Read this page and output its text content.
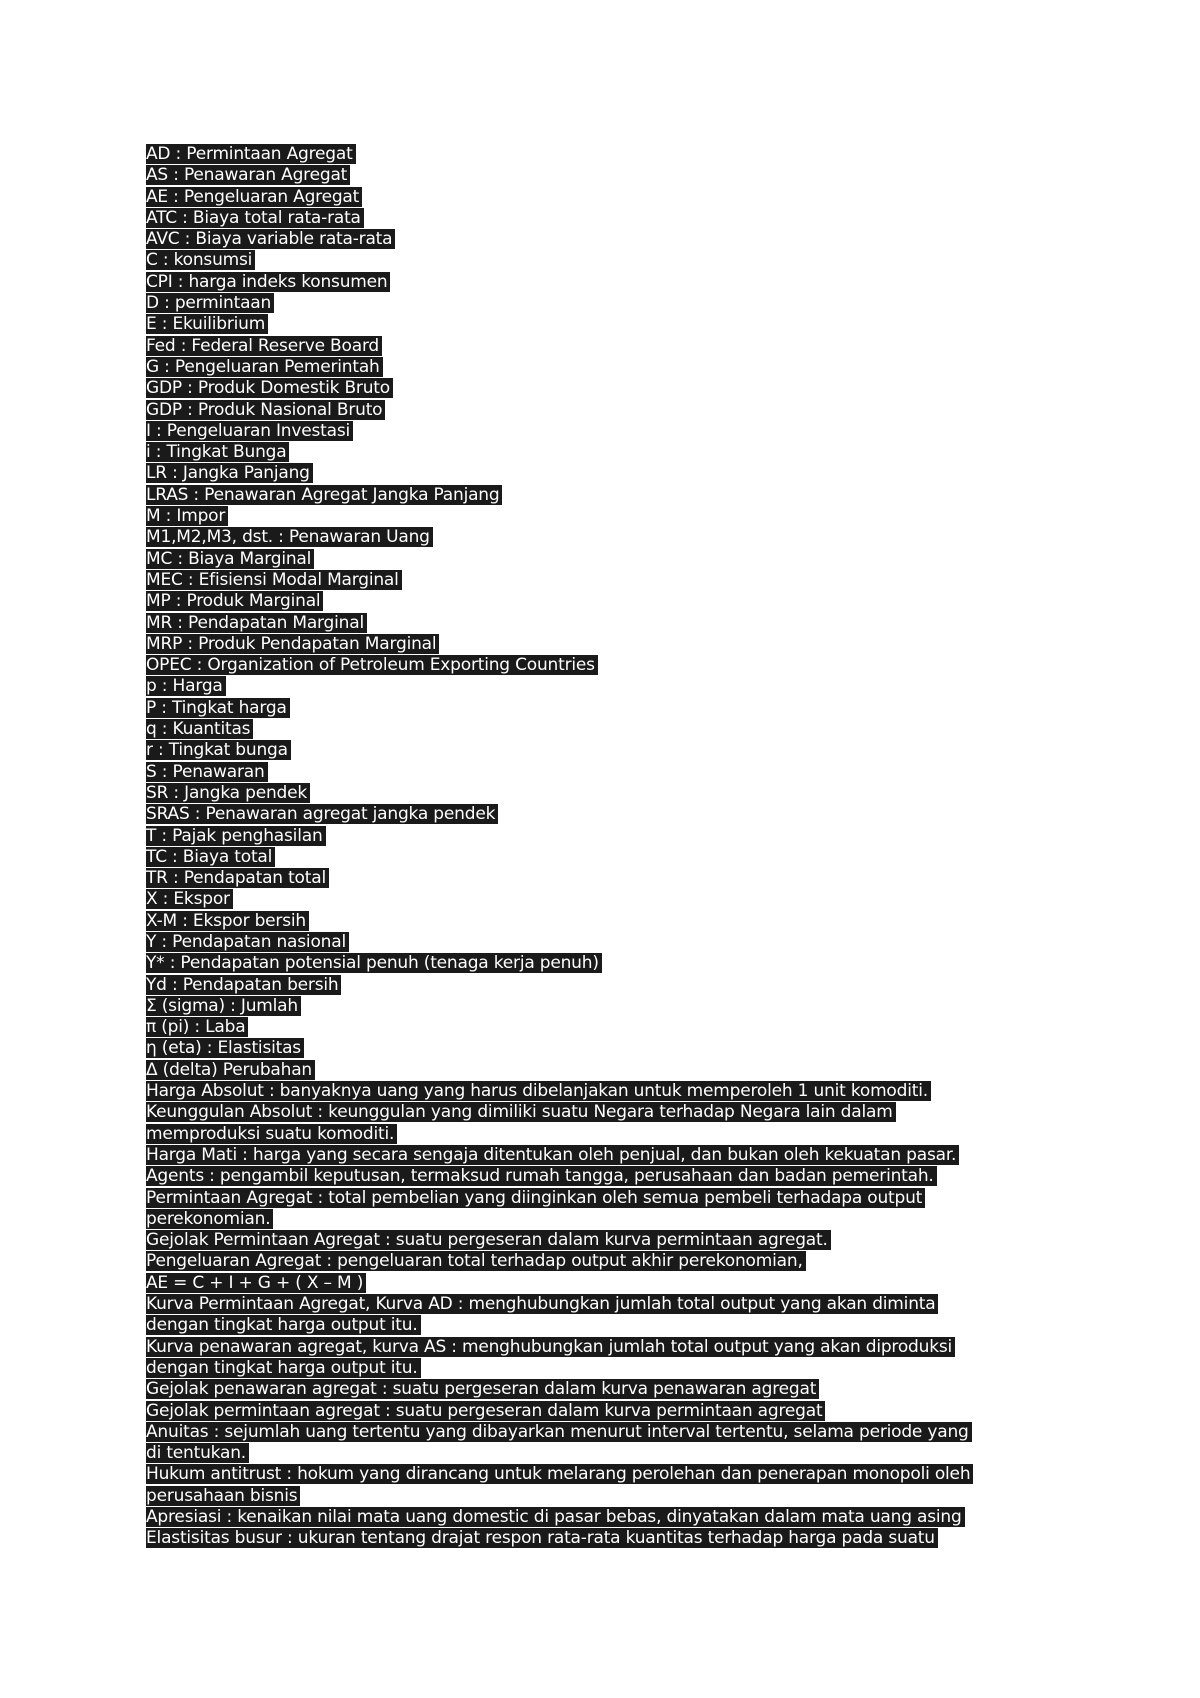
AD : Permintaan Agregat
AS : Penawaran Agregat
AE : Pengeluaran Agregat
ATC : Biaya total rata-rata
AVC : Biaya variable rata-rata
C : konsumsi
CPI : harga indeks konsumen
D : permintaan
E : Ekuilibrium
Fed : Federal Reserve Board
G : Pengeluaran Pemerintah
GDP : Produk Domestik Bruto
GDP : Produk Nasional Bruto
I : Pengeluaran Investasi
i : Tingkat Bunga
LR : Jangka Panjang
LRAS : Penawaran Agregat Jangka Panjang
M : Impor
M1,M2,M3, dst. : Penawaran Uang
MC : Biaya Marginal
MEC : Efisiensi Modal Marginal
MP : Produk Marginal
MR : Pendapatan Marginal
MRP : Produk Pendapatan Marginal
OPEC : Organization of Petroleum Exporting Countries
p : Harga
P : Tingkat harga
q : Kuantitas
r : Tingkat bunga
S : Penawaran
SR : Jangka pendek
SRAS : Penawaran agregat jangka pendek
T : Pajak penghasilan
TC : Biaya total
TR : Pendapatan total
X : Ekspor
X-M : Ekspor bersih
Y : Pendapatan nasional
Y* : Pendapatan potensial penuh (tenaga kerja penuh)
Yd : Pendapatan bersih
Σ (sigma) : Jumlah
π (pi) : Laba
η (eta) : Elastisitas
Δ (delta) Perubahan
Harga Absolut : banyaknya uang yang harus dibelanjakan untuk memperoleh 1 unit komoditi.
Keunggulan Absolut : keunggulan yang dimiliki suatu Negara terhadap Negara lain dalam
memproduksi suatu komoditi.
Harga Mati : harga yang secara sengaja ditentukan oleh penjual, dan bukan oleh kekuatan pasar.
Agents : pengambil keputusan, termaksud rumah tangga, perusahaan dan badan pemerintah.
Permintaan Agregat : total pembelian yang diinginkan oleh semua pembeli terhadapa output
perekonomian.
Gejolak Permintaan Agregat : suatu pergeseran dalam kurva permintaan agregat.
Pengeluaran Agregat : pengeluaran total terhadap output akhir perekonomian,
AE = C + I + G + ( X – M )
Kurva Permintaan Agregat, Kurva AD : menghubungkan jumlah total output yang akan diminta
dengan tingkat harga output itu.
Kurva penawaran agregat, kurva AS : menghubungkan jumlah total output yang akan diproduksi
dengan tingkat harga output itu.
Gejolak penawaran agregat : suatu pergeseran dalam kurva penawaran agregat
Gejolak permintaan agregat : suatu pergeseran dalam kurva permintaan agregat
Anuitas : sejumlah uang tertentu yang dibayarkan menurut interval tertentu, selama periode yang
di tentukan.
Hukum antitrust : hokum yang dirancang untuk melarang perolehan dan penerapan monopoli oleh
perusahaan bisnis
Apresiasi : kenaikan nilai mata uang domestic di pasar bebas, dinyatakan dalam mata uang asing
Elastisitas busur : ukuran tentang drajat respon rata-rata kuantitas terhadap harga pada suatu
